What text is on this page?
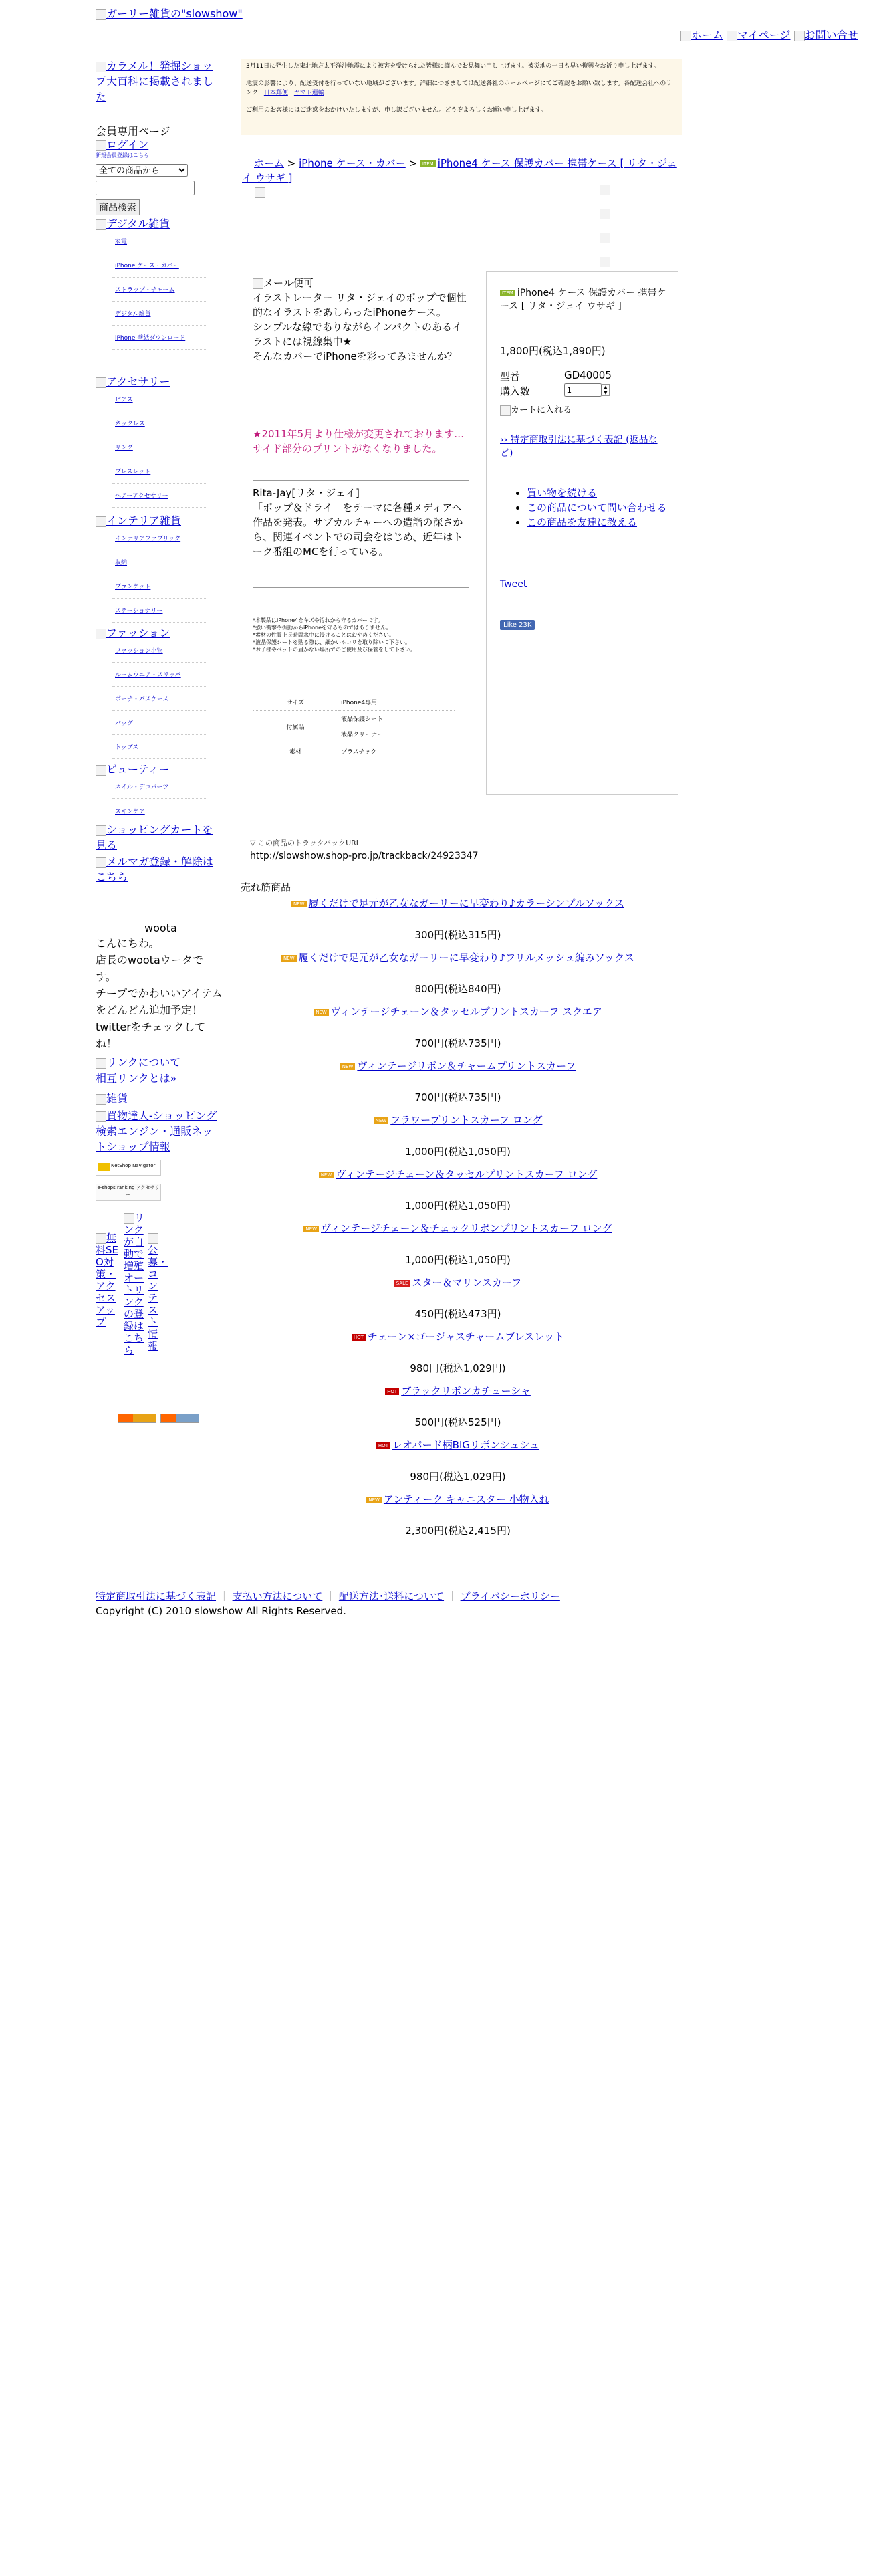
ガーリー雑貨の"slowshow"
ホーム マイページ お問い合せ
3月11日に発生した東北地方太平洋沖地震により被害を受けられた皆様に謹んでお見舞い申し上げます。被災地の一日も早い復興をお祈り申し上げます。
地震の影響により、配送受付を行っていない地域がございます。詳細につきましては配送各社のホームページにてご確認をお願い致します。各配送会社へのリンク　 日本郵便　 ヤマト運輸
ご利用のお客様にはご迷惑をおかけいたしますが、申し訳ございません。どうぞよろしくお願い申し上げます。
カラメル！発掘ショップ大百科に掲載されました
会員専用ページ
ログイン
新規会員登録はこちら
全ての商品から
商品検索
デジタル雑貨
家電
iPhone ケース・カバー
ストラップ・チャーム
デジタル雑貨
iPhone 壁紙ダウンロード
アクセサリー
ピアス
ネックレス
リング
ブレスレット
ヘアーアクセサリー
インテリア雑貨
インテリアファブリック
収納
ブランケット
ステーショナリー
ファッション
ファッション小物
ルームウエア・スリッパ
ポーチ・パスケース
バッグ
トップス
ビューティー
ネイル・デコパーツ
スキンケア
ショッピングカートを見る
メルマガ登録・解除はこちら
woota
こんにちわ。
店長のwootaウータです。
チープでかわいいアイテムをどんどん追加予定！
twitterをチェックしてね！
リンクについて
相互リンクとは»
雑貨
買物達人-ショッピング検索エンジン・通販ネットショップ情報
NetShop Navigator
e-shops ranking アクセサリー
無料SEO対策・アクセスアップ
リンクが自動で増殖オートリンクの登録はこちら
公募・コンテスト情報
ホーム > iPhone ケース・カバー > ITEM iPhone4 ケース 保護カバー 携帯ケース [ リタ・ジェイ ウサギ ]
メール便可
イラストレーター リタ・ジェイのポップで個性的なイラストをあしらったiPhoneケース。
シンプルな線でありながらインパクトのあるイラストには視線集中★
そんなカバーでiPhoneを彩ってみませんか？
★2011年5月より仕様が変更されております…サイド部分のプリントがなくなりました。
Rita-Jay[リタ・ジェイ]
「ポップ＆ドライ」をテーマに各種メディアへ作品を発表。サブカルチャーへの造詣の深さから、関連イベントでの司会をはじめ、近年はトーク番組のMCを行っている。
*本製品はiPhone4をキズや汚れから守るカバーです。
*強い衝撃や振動からiPhoneを守るものではありません。
*素材の性質上長時間水中に浸けることはおやめください。
*液晶保護シートを貼る際は、細かいホコリを取り除いて下さい。
*お子様やペットの届かない場所でのご使用及び保管をして下さい。
サイズ	iPhone4専用
付属品	液晶保護シート
液晶クリーナー

素材	プラスチック
ITEM iPhone4 ケース 保護カバー 携帯ケース [ リタ・ジェイ ウサギ ]
1,800円(税込1,890円)
型番	GD40005
購入数
1	▲
▼
カートに入れる
›› 特定商取引法に基づく表記 (返品など)
• 買い物を続ける
• この商品について問い合わせる
• この商品を友達に教える
Tweet
Like 23K
▽ この商品のトラックバックURL
http://slowshow.shop-pro.jp/trackback/24923347
売れ筋商品
NEW 履くだけで足元が乙女なガーリーに早変わり♪カラーシンプルソックス
300円(税込315円)
NEW 履くだけで足元が乙女なガーリーに早変わり♪フリルメッシュ編みソックス
800円(税込840円)
NEW ヴィンテージチェーン＆タッセルプリントスカーフ スクエア
700円(税込735円)
NEW ヴィンテージリボン＆チャームプリントスカーフ
700円(税込735円)
NEW フラワープリントスカーフ ロング
1,000円(税込1,050円)
NEW ヴィンテージチェーン＆タッセルプリントスカーフ ロング
1,000円(税込1,050円)
NEW ヴィンテージチェーン＆チェックリボンプリントスカーフ ロング
1,000円(税込1,050円)
SALE スター＆マリンスカーフ
450円(税込473円)
HOT チェーン×ゴージャスチャームブレスレット
980円(税込1,029円)
HOT ブラックリボンカチューシャ
500円(税込525円)
HOT レオパード柄BIGリボンシュシュ
980円(税込1,029円)
NEW アンティーク キャニスター 小物入れ
2,300円(税込2,415円)
特定商取引法に基づく表記 ｜ 支払い方法について ｜ 配送方法･送料について ｜ プライバシーポリシー
Copyright (C) 2010 slowshow All Rights Reserved.
